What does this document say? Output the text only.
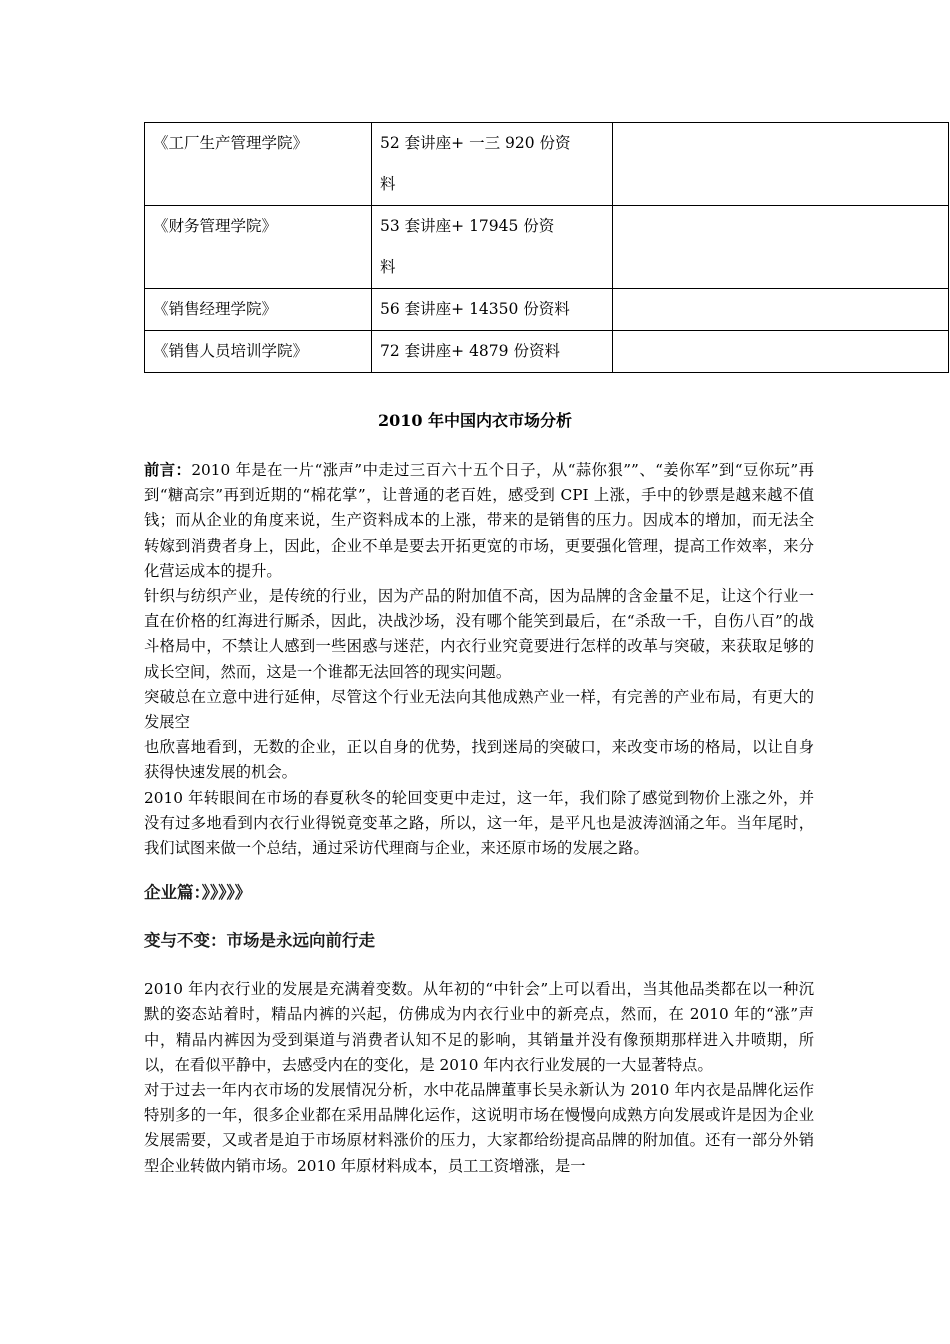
《工厂生产管理学院》	52 套讲座+ 一三 920 份资
料	
《财务管理学院》	53 套讲座+ 17945 份资
料	
《销售经理学院》	56 套讲座+ 14350 份资料	
《销售人员培训学院》	72 套讲座+ 4879 份资料	
2010 年中国内衣市场分析

前言：2010 年是在一片“涨声”中走过三百六十五个日子，从“蒜你狠””、“姜你军”到“豆你玩”再到“糖高宗”再到近期的“棉花掌”，让普通的老百姓，感受到 CPI 上涨，手中的钞票是越来越不值钱；而从企业的角度来说，生产资料成本的上涨，带来的是销售的压力。因成本的增加，而无法全转嫁到消费者身上，因此，企业不单是要去开拓更宽的市场，更要强化管理，提高工作效率，来分化营运成本的提升。

针织与纺织产业，是传统的行业，因为产品的附加值不高，因为品牌的含金量不足，让这个行业一直在价格的红海进行厮杀，因此，决战沙场，没有哪个能笑到最后，在“杀敌一千，自伤八百”的战斗格局中，不禁让人感到一些困惑与迷茫，内衣行业究竟要进行怎样的改革与突破，来获取足够的成长空间，然而，这是一个谁都无法回答的现实问题。

突破总在立意中进行延伸，尽管这个行业无法向其他成熟产业一样，有完善的产业布局，有更大的发展空

也欣喜地看到，无数的企业，正以自身的优势，找到迷局的突破口，来改变市场的格局，以让自身获得快速发展的机会。

2010 年转眼间在市场的春夏秋冬的轮回变更中走过，这一年，我们除了感觉到物价上涨之外，并没有过多地看到内衣行业得锐竟变革之路，所以，这一年，是平凡也是波涛汹涌之年。当年尾时，我们试图来做一个总结，通过采访代理商与企业，来还原市场的发展之路。

企业篇：》》》》》

变与不变：市场是永远向前行走

2010 年内衣行业的发展是充满着变数。从年初的“中针会”上可以看出，当其他品类都在以一种沉默的姿态站着时，精品内裤的兴起，仿佛成为内衣行业中的新亮点，然而，在 2010 年的“涨”声中，精品内裤因为受到渠道与消费者认知不足的影响，其销量并没有像预期那样进入井喷期，所以，在看似平静中，去感受内在的变化，是 2010 年内衣行业发展的一大显著特点。

对于过去一年内衣市场的发展情况分析，水中花品牌董事长吴永新认为 2010 年内衣是品牌化运作特别多的一年，很多企业都在采用品牌化运作，这说明市场在慢慢向成熟方向发展或许是因为企业发展需要，又或者是迫于市场原材料涨价的压力，大家都给纷提高品牌的附加值。还有一部分外销型企业转做内销市场。2010 年原材料成本，员工工资增涨，是一
